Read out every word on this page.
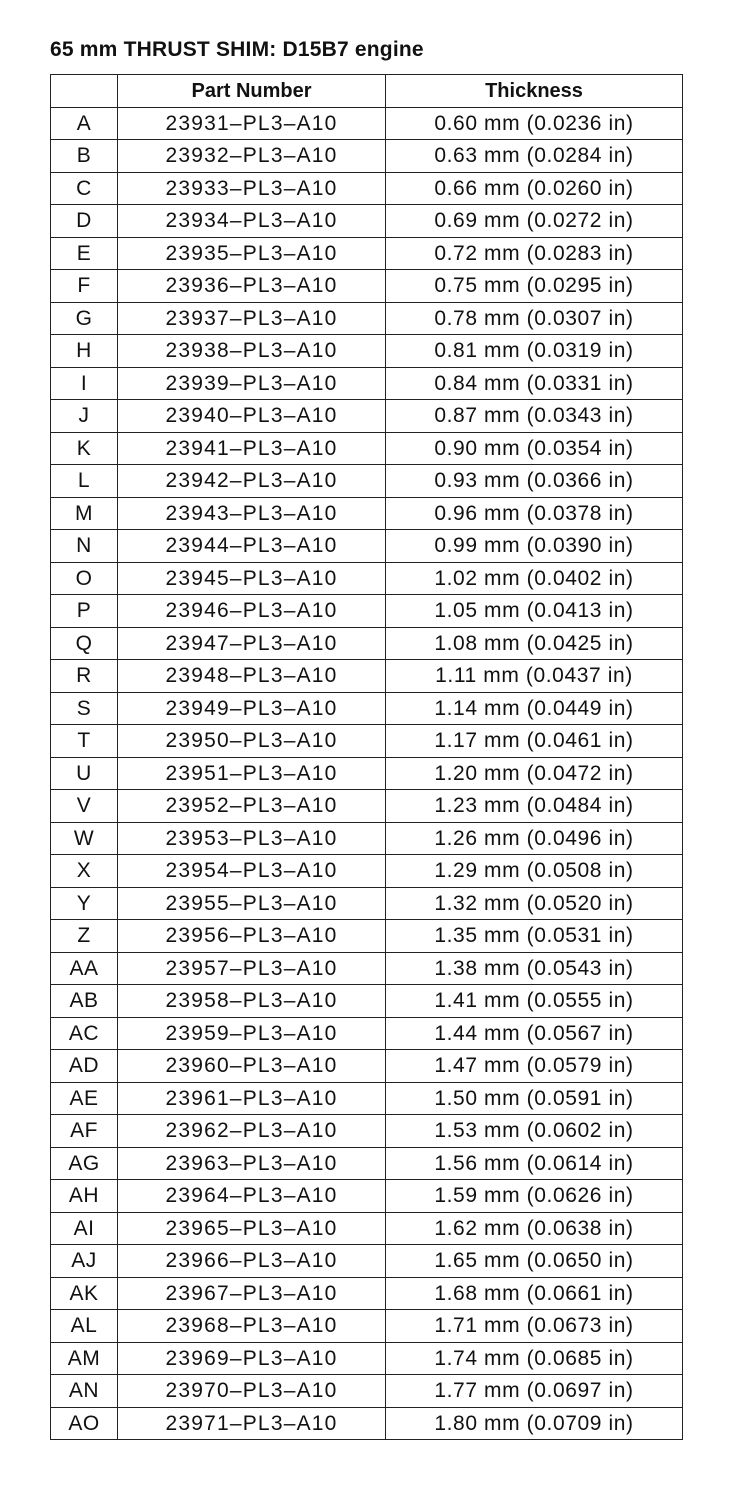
65 mm THRUST SHIM: D15B7 engine
	Part Number	Thickness
A	23931–PL3–A10	0.60 mm (0.0236 in)
B	23932–PL3–A10	0.63 mm (0.0284 in)
C	23933–PL3–A10	0.66 mm (0.0260 in)
D	23934–PL3–A10	0.69 mm (0.0272 in)
E	23935–PL3–A10	0.72 mm (0.0283 in)
F	23936–PL3–A10	0.75 mm (0.0295 in)
G	23937–PL3–A10	0.78 mm (0.0307 in)
H	23938–PL3–A10	0.81 mm (0.0319 in)
I	23939–PL3–A10	0.84 mm (0.0331 in)
J	23940–PL3–A10	0.87 mm (0.0343 in)
K	23941–PL3–A10	0.90 mm (0.0354 in)
L	23942–PL3–A10	0.93 mm (0.0366 in)
M	23943–PL3–A10	0.96 mm (0.0378 in)
N	23944–PL3–A10	0.99 mm (0.0390 in)
O	23945–PL3–A10	1.02 mm (0.0402 in)
P	23946–PL3–A10	1.05 mm (0.0413 in)
Q	23947–PL3–A10	1.08 mm (0.0425 in)
R	23948–PL3–A10	1.11 mm (0.0437 in)
S	23949–PL3–A10	1.14 mm (0.0449 in)
T	23950–PL3–A10	1.17 mm (0.0461 in)
U	23951–PL3–A10	1.20 mm (0.0472 in)
V	23952–PL3–A10	1.23 mm (0.0484 in)
W	23953–PL3–A10	1.26 mm (0.0496 in)
X	23954–PL3–A10	1.29 mm (0.0508 in)
Y	23955–PL3–A10	1.32 mm (0.0520 in)
Z	23956–PL3–A10	1.35 mm (0.0531 in)
AA	23957–PL3–A10	1.38 mm (0.0543 in)
AB	23958–PL3–A10	1.41 mm (0.0555 in)
AC	23959–PL3–A10	1.44 mm (0.0567 in)
AD	23960–PL3–A10	1.47 mm (0.0579 in)
AE	23961–PL3–A10	1.50 mm (0.0591 in)
AF	23962–PL3–A10	1.53 mm (0.0602 in)
AG	23963–PL3–A10	1.56 mm (0.0614 in)
AH	23964–PL3–A10	1.59 mm (0.0626 in)
AI	23965–PL3–A10	1.62 mm (0.0638 in)
AJ	23966–PL3–A10	1.65 mm (0.0650 in)
AK	23967–PL3–A10	1.68 mm (0.0661 in)
AL	23968–PL3–A10	1.71 mm (0.0673 in)
AM	23969–PL3–A10	1.74 mm (0.0685 in)
AN	23970–PL3–A10	1.77 mm (0.0697 in)
AO	23971–PL3–A10	1.80 mm (0.0709 in)
